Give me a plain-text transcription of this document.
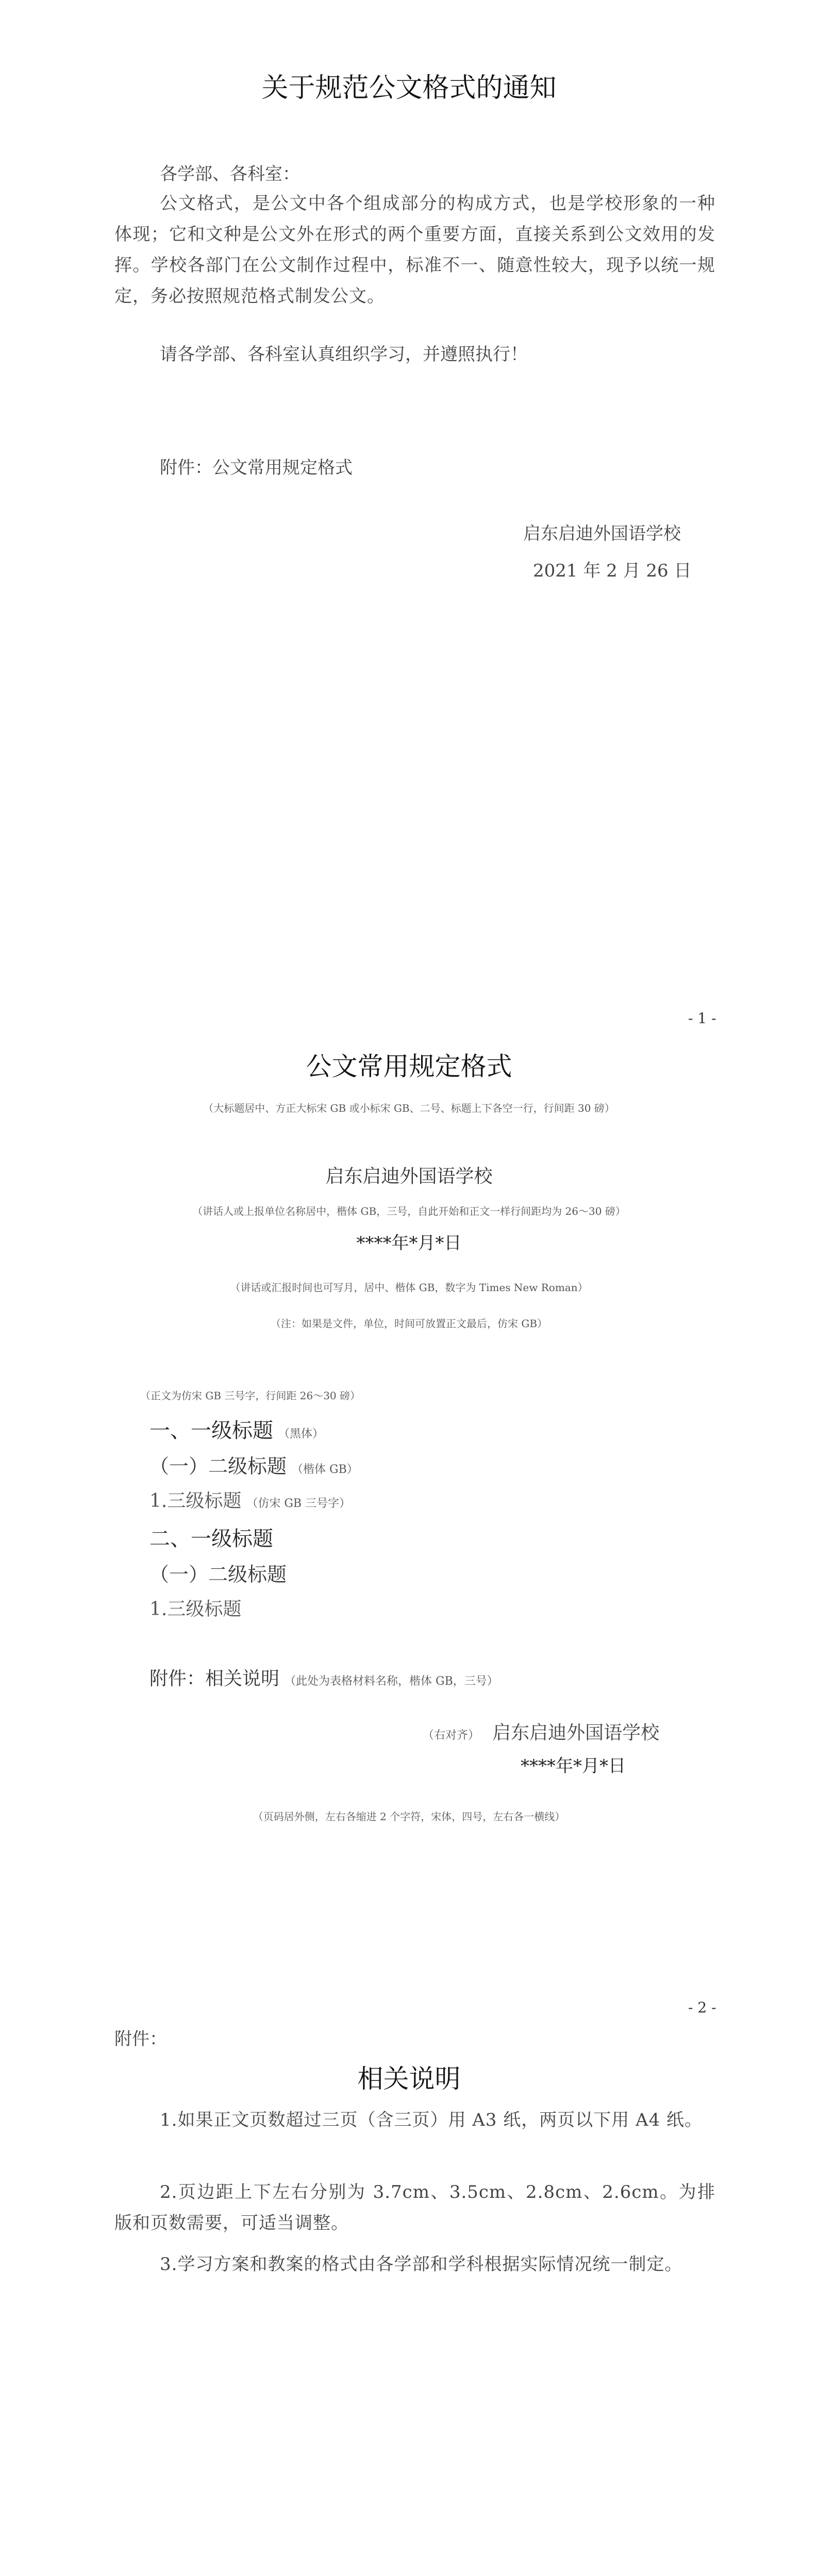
关于规范公文格式的通知
各学部、各科室：
公文格式，是公文中各个组成部分的构成方式，也是学校形象的一种体现；它和文种是公文外在形式的两个重要方面，直接关系到公文效用的发挥。学校各部门在公文制作过程中，标准不一、随意性较大，现予以统一规定，务必按照规范格式制发公文。
请各学部、各科室认真组织学习，并遵照执行！
附件：公文常用规定格式
启东启迪外国语学校
2021 年 2 月 26 日
- 1 -
公文常用规定格式
（大标题居中、方正大标宋 GB 或小标宋 GB、二号、标题上下各空一行，行间距 30 磅）
启东启迪外国语学校
（讲话人或上报单位名称居中，楷体 GB，三号，自此开始和正文一样行间距均为 26～30 磅）
****年*月*日
（讲话或汇报时间也可写月，居中、楷体 GB，数字为 Times New Roman）
（注：如果是文件，单位，时间可放置正文最后，仿宋 GB）
（正文为仿宋 GB 三号字，行间距 26～30 磅）
一、一级标题 （黑体）
（一）二级标题 （楷体 GB）
1.三级标题 （仿宋 GB 三号字）
二、一级标题
（一）二级标题
1.三级标题
附件：相关说明 （此处为表格材料名称，楷体 GB，三号）
（右对齐） 启东启迪外国语学校
****年*月*日
（页码居外侧，左右各缩进 2 个字符，宋体，四号，左右各一横线）
- 2 -
附件：
相关说明
1.如果正文页数超过三页（含三页）用 A3 纸，两页以下用 A4 纸。
2.页边距上下左右分别为 3.7cm、3.5cm、2.8cm、2.6cm。为排版和页数需要，可适当调整。
3.学习方案和教案的格式由各学部和学科根据实际情况统一制定。
